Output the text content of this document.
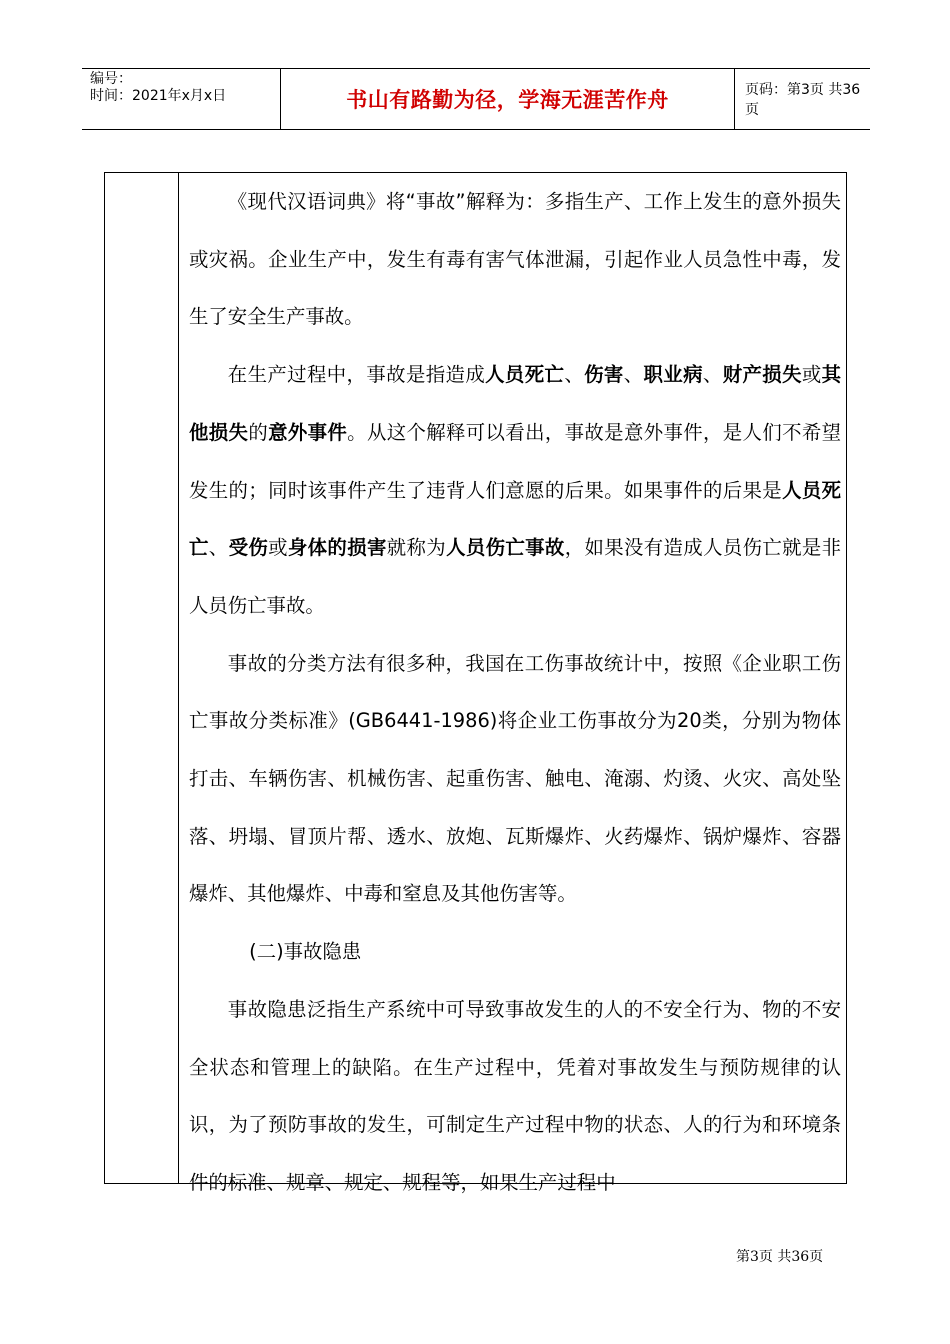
编号：
时间：2021年x月x日	书山有路勤为径，学海无涯苦作舟	页码：第3页 共36页

《现代汉语词典》将“事故”解释为：多指生产、工作上发生的意外损失或灾祸。企业生产中，发生有毒有害气体泄漏，引起作业人员急性中毒，发生了安全生产事故。

在生产过程中，事故是指造成人员死亡、伤害、职业病、财产损失或其他损失的意外事件。从这个解释可以看出，事故是意外事件，是人们不希望发生的；同时该事件产生了违背人们意愿的后果。如果事件的后果是人员死亡、受伤或身体的损害就称为人员伤亡事故，如果没有造成人员伤亡就是非人员伤亡事故。

事故的分类方法有很多种，我国在工伤事故统计中，按照《企业职工伤亡事故分类标准》(GB6441-1986)将企业工伤事故分为20类，分别为物体打击、车辆伤害、机械伤害、起重伤害、触电、淹溺、灼烫、火灾、高处坠落、坍塌、冒顶片帮、透水、放炮、瓦斯爆炸、火药爆炸、锅炉爆炸、容器爆炸、其他爆炸、中毒和窒息及其他伤害等。

(二)事故隐患

事故隐患泛指生产系统中可导致事故发生的人的不安全行为、物的不安全状态和管理上的缺陷。在生产过程中，凭着对事故发生与预防规律的认识，为了预防事故的发生，可制定生产过程中物的状态、人的行为和环境条件的标准、规章、规定、规程等，如果生产过程中

第3页 共36页
